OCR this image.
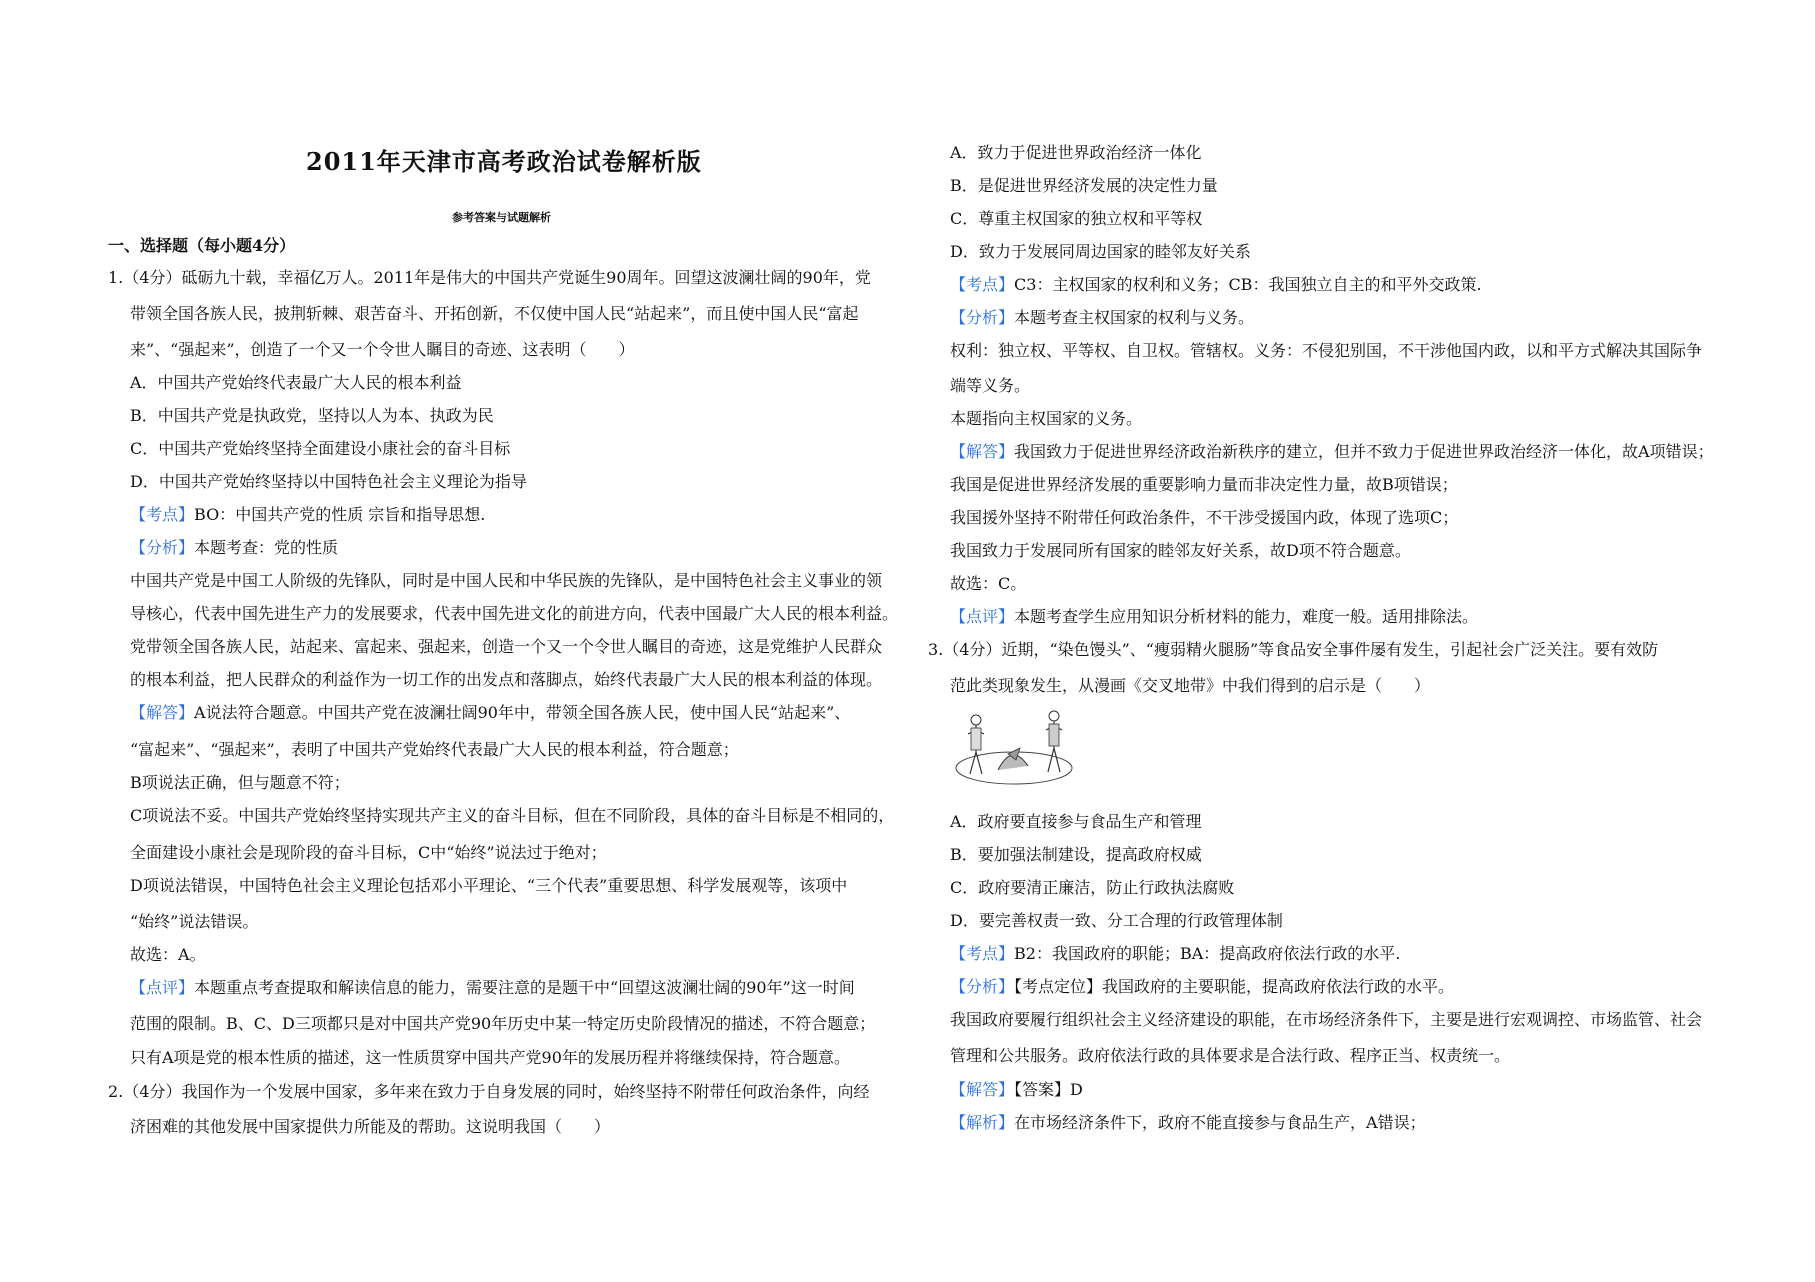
2011年天津市高考政治试卷解析版
参考答案与试题解析
一、选择题（每小题4分）
1.（4分）砥砺九十载，幸福亿万人。2011年是伟大的中国共产党诞生90周年。回望这波澜壮阔的90年，党
带领全国各族人民，披荆斩棘、艰苦奋斗、开拓创新，不仅使中国人民“站起来”，而且使中国人民“富起
来”、“强起来”，创造了一个又一个令世人瞩目的奇迹、这表明（　　）
A．中国共产党始终代表最广大人民的根本利益
B．中国共产党是执政党，坚持以人为本、执政为民
C．中国共产党始终坚持全面建设小康社会的奋斗目标
D．中国共产党始终坚持以中国特色社会主义理论为指导
【考点】BO：中国共产党的性质 宗旨和指导思想.
【分析】本题考查：党的性质
中国共产党是中国工人阶级的先锋队，同时是中国人民和中华民族的先锋队，是中国特色社会主义事业的领
导核心，代表中国先进生产力的发展要求，代表中国先进文化的前进方向，代表中国最广大人民的根本利益。
党带领全国各族人民，站起来、富起来、强起来，创造一个又一个令世人瞩目的奇迹，这是党维护人民群众
的根本利益，把人民群众的利益作为一切工作的出发点和落脚点，始终代表最广大人民的根本利益的体现。
【解答】A说法符合题意。中国共产党在波澜壮阔90年中，带领全国各族人民，使中国人民“站起来”、
“富起来”、“强起来”，表明了中国共产党始终代表最广大人民的根本利益，符合题意；
B项说法正确，但与题意不符；
C项说法不妥。中国共产党始终坚持实现共产主义的奋斗目标，但在不同阶段，具体的奋斗目标是不相同的，
全面建设小康社会是现阶段的奋斗目标，C中“始终”说法过于绝对；
D项说法错误，中国特色社会主义理论包括邓小平理论、“三个代表”重要思想、科学发展观等，该项中
“始终”说法错误。
故选：A。
【点评】本题重点考查提取和解读信息的能力，需要注意的是题干中“回望这波澜壮阔的90年”这一时间
范围的限制。B、C、D三项都只是对中国共产党90年历史中某一特定历史阶段情况的描述，不符合题意；
只有A项是党的根本性质的描述，这一性质贯穿中国共产党90年的发展历程并将继续保持，符合题意。
2.（4分）我国作为一个发展中国家，多年来在致力于自身发展的同时，始终坚持不附带任何政治条件，向经
济困难的其他发展中国家提供力所能及的帮助。这说明我国（　　）
A．致力于促进世界政治经济一体化
B．是促进世界经济发展的决定性力量
C．尊重主权国家的独立权和平等权
D．致力于发展同周边国家的睦邻友好关系
【考点】C3：主权国家的权利和义务；CB：我国独立自主的和平外交政策.
【分析】本题考查主权国家的权利与义务。
权利：独立权、平等权、自卫权。管辖权。义务：不侵犯别国，不干涉他国内政，以和平方式解决其国际争
端等义务。
本题指向主权国家的义务。
【解答】我国致力于促进世界经济政治新秩序的建立，但并不致力于促进世界政治经济一体化，故A项错误；
我国是促进世界经济发展的重要影响力量而非决定性力量，故B项错误；
我国援外坚持不附带任何政治条件，不干涉受援国内政，体现了选项C；
我国致力于发展同所有国家的睦邻友好关系，故D项不符合题意。
故选：C。
【点评】本题考查学生应用知识分析材料的能力，难度一般。适用排除法。
3.（4分）近期，“染色馒头”、“瘦弱精火腿肠”等食品安全事件屡有发生，引起社会广泛关注。要有效防
范此类现象发生，从漫画《交叉地带》中我们得到的启示是（　　）
A．政府要直接参与食品生产和管理
B．要加强法制建设，提高政府权威
C．政府要清正廉洁，防止行政执法腐败
D．要完善权责一致、分工合理的行政管理体制
【考点】B2：我国政府的职能；BA：提高政府依法行政的水平.
【分析】【考点定位】我国政府的主要职能，提高政府依法行政的水平。
我国政府要履行组织社会主义经济建设的职能，在市场经济条件下，主要是进行宏观调控、市场监管、社会
管理和公共服务。政府依法行政的具体要求是合法行政、程序正当、权责统一。
【解答】【答案】D
【解析】在市场经济条件下，政府不能直接参与食品生产，A错误；
